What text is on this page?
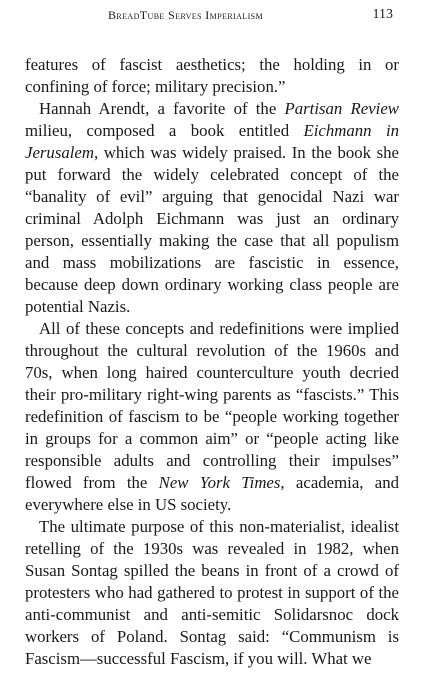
BreadTube Serves Imperialism	113

features of fascist aesthetics; the holding in or confining of force; military precision.”

Hannah Arendt, a favorite of the Partisan Review milieu, composed a book entitled Eichmann in Jerusalem, which was widely praised. In the book she put forward the widely celebrated concept of the “banality of evil” arguing that genocidal Nazi war criminal Adolph Eichmann was just an ordinary person, essentially making the case that all populism and mass mobilizations are fascistic in essence, because deep down ordinary working class people are potential Nazis.

All of these concepts and redefinitions were implied throughout the cultural revolution of the 1960s and 70s, when long haired counterculture youth decried their pro-military right-wing parents as “fascists.” This redefinition of fascism to be “people working together in groups for a common aim” or “people acting like responsible adults and controlling their impulses” flowed from the New York Times, academia, and everywhere else in US society.

The ultimate purpose of this non-materialist, idealist retelling of the 1930s was revealed in 1982, when Susan Sontag spilled the beans in front of a crowd of protesters who had gathered to protest in support of the anti-communist and anti-semitic Solidarsnoc dock workers of Poland. Sontag said: “Communism is Fascism—successful Fascism, if you will. What we
